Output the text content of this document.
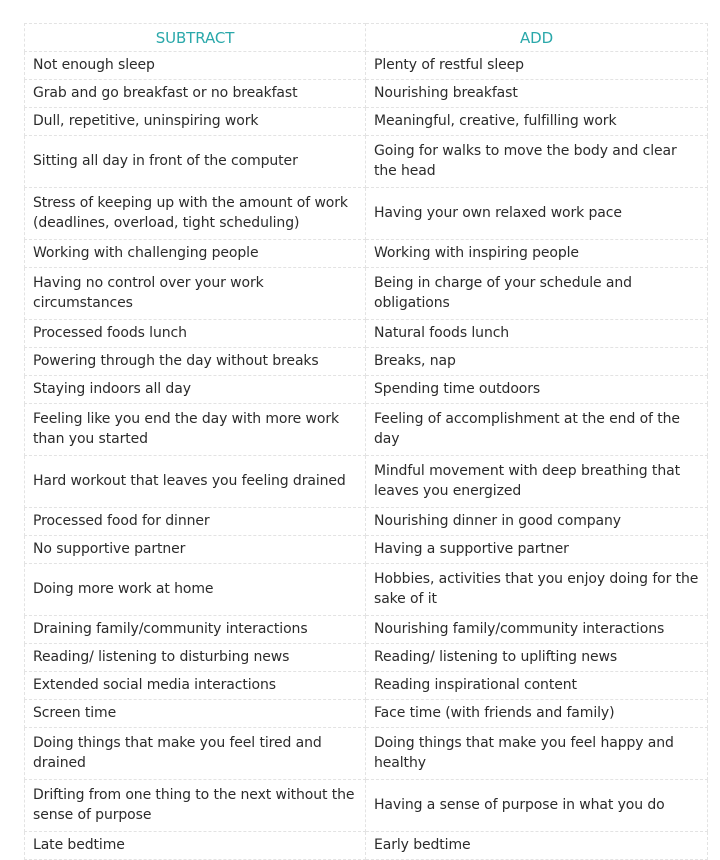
SUBTRACT	ADD
Not enough sleep	Plenty of restful sleep
Grab and go breakfast or no breakfast	Nourishing breakfast
Dull, repetitive, uninspiring work	Meaningful, creative, fulfilling work
Sitting all day in front of the computer	Going for walks to move the body and clear the head
Stress of keeping up with the amount of work (deadlines, overload, tight scheduling)	Having your own relaxed work pace
Working with challenging people	Working with inspiring people
Having no control over your work circumstances	Being in charge of your schedule and obligations
Processed foods lunch	Natural foods lunch
Powering through the day without breaks	Breaks, nap
Staying indoors all day	Spending time outdoors
Feeling like you end the day with more work than you started	Feeling of accomplishment at the end of the day
Hard workout that leaves you feeling drained	Mindful movement with deep breathing that leaves you energized
Processed food for dinner	Nourishing dinner in good company
No supportive partner	Having a supportive partner
Doing more work at home	Hobbies, activities that you enjoy doing for the sake of it
Draining family/community interactions	Nourishing family/community interactions
Reading/ listening to disturbing news	Reading/ listening to uplifting news
Extended social media interactions	Reading inspirational content
Screen time	Face time (with friends and family)
Doing things that make you feel tired and drained	Doing things that make you feel happy and healthy
Drifting from one thing to the next without the sense of purpose	Having a sense of purpose in what you do
Late bedtime	Early bedtime
